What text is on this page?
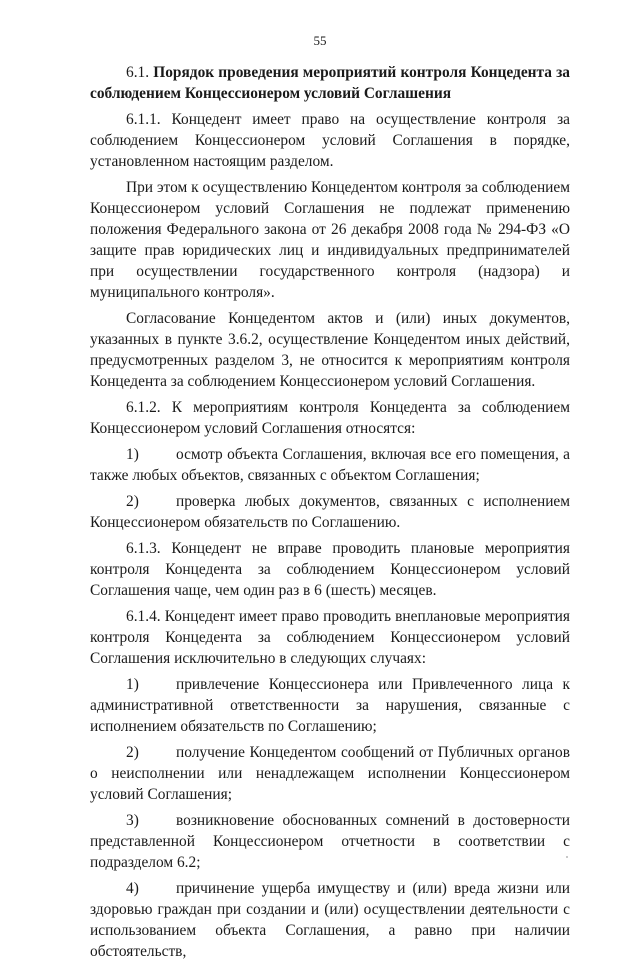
55

6.1. Порядок проведения мероприятий контроля Концедента за соблюдением Концессионером условий Соглашения

6.1.1. Концедент имеет право на осуществление контроля за соблюдением Концессионером условий Соглашения в порядке, установленном настоящим разделом.

При этом к осуществлению Концедентом контроля за соблюдением Концессионером условий Соглашения не подлежат применению положения Федерального закона от 26 декабря 2008 года № 294-ФЗ «О защите прав юридических лиц и индивидуальных предпринимателей при осуществлении государственного контроля (надзора) и муниципального контроля».

Согласование Концедентом актов и (или) иных документов, указанных в пункте 3.6.2, осуществление Концедентом иных действий, предусмотренных разделом 3, не относится к мероприятиям контроля Концедента за соблюдением Концессионером условий Соглашения.

6.1.2. К мероприятиям контроля Концедента за соблюдением Концессионером условий Соглашения относятся:

1) осмотр объекта Соглашения, включая все его помещения, а также любых объектов, связанных с объектом Соглашения;

2) проверка любых документов, связанных с исполнением Концессионером обязательств по Соглашению.

6.1.3. Концедент не вправе проводить плановые мероприятия контроля Концедента за соблюдением Концессионером условий Соглашения чаще, чем один раз в 6 (шесть) месяцев.

6.1.4. Концедент имеет право проводить внеплановые мероприятия контроля Концедента за соблюдением Концессионером условий Соглашения исключительно в следующих случаях:

1) привлечение Концессионера или Привлеченного лица к административной ответственности за нарушения, связанные с исполнением обязательств по Соглашению;

2) получение Концедентом сообщений от Публичных органов о неисполнении или ненадлежащем исполнении Концессионером условий Соглашения;

3) возникновение обоснованных сомнений в достоверности представленной Концессионером отчетности в соответствии с подразделом 6.2;

4) причинение ущерба имуществу и (или) вреда жизни или здоровью граждан при создании и (или) осуществлении деятельности с использованием объекта Соглашения, а равно при наличии обстоятельств,
